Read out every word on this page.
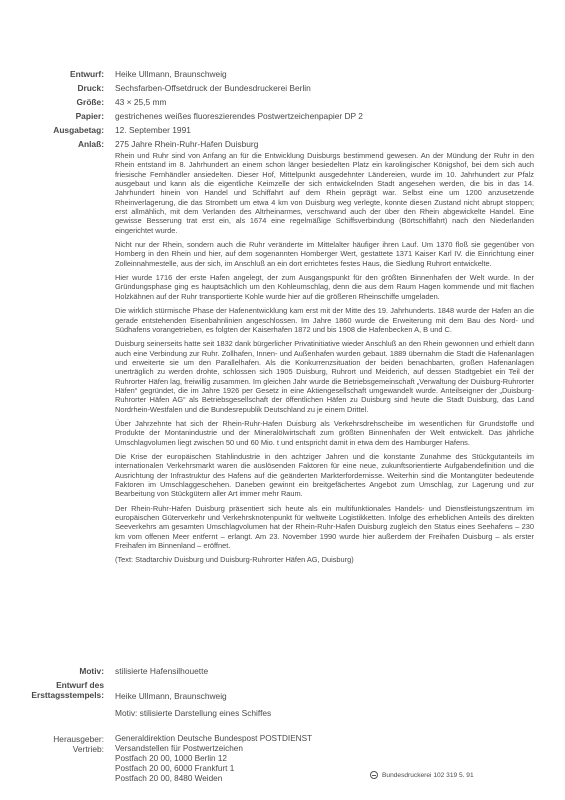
Entwurf: Heike Ullmann, Braunschweig
Druck: Sechsfarben-Offsetdruck der Bundesdruckerei Berlin
Größe: 43 × 25,5 mm
Papier: gestrichenes weißes fluoreszierendes Postwertzeichenpapier DP 2
Ausgabetag: 12. September 1991
Anlaß: 275 Jahre Rhein-Ruhr-Hafen Duisburg

Rhein und Ruhr sind von Anfang an für die Entwicklung Duisburgs bestimmend gewesen. An der Mündung der Ruhr in den Rhein entstand im 8. Jahrhundert an einem schon länger besiedelten Platz ein karolingischer Königshof, bei dem sich auch friesische Fernhändler ansiedelten. Dieser Hof, Mittelpunkt ausgedehnter Ländereien, wurde im 10. Jahrhundert zur Pfalz ausgebaut und kann als die eigentliche Keimzelle der sich entwickelnden Stadt angesehen werden, die bis in das 14. Jahrhundert hinein von Handel und Schiffahrt auf dem Rhein geprägt war. Selbst eine um 1200 anzusetzende Rheinverlagerung, die das Strombett um etwa 4 km von Duisburg weg verlegte, konnte diesen Zustand nicht abrupt stoppen; erst allmählich, mit dem Verlanden des Altrheinarmes, verschwand auch der über den Rhein abgewickelte Handel. Eine gewisse Besserung trat erst ein, als 1674 eine regelmäßige Schiffsverbindung (Börtschiffahrt) nach den Niederlanden eingerichtet wurde.

Nicht nur der Rhein, sondern auch die Ruhr veränderte im Mittelalter häufiger ihren Lauf. Um 1370 floß sie gegenüber von Homberg in den Rhein und hier, auf dem sogenannten Homberger Wert, gestattete 1371 Kaiser Karl IV. die Einrichtung einer Zolleinnahmestelle, aus der sich, im Anschluß an ein dort errichtetes festes Haus, die Siedlung Ruhrort entwickelte.

Hier wurde 1716 der erste Hafen angelegt, der zum Ausgangspunkt für den größten Binnenhafen der Welt wurde. In der Gründungsphase ging es hauptsächlich um den Kohleumschlag, denn die aus dem Raum Hagen kommende und mit flachen Holzkähnen auf der Ruhr transportierte Kohle wurde hier auf die größeren Rheinschiffe umgeladen.

Die wirklich stürmische Phase der Hafenentwicklung kam erst mit der Mitte des 19. Jahrhunderts. 1848 wurde der Hafen an die gerade entstehenden Eisenbahnlinien angeschlossen. Im Jahre 1860 wurde die Erweiterung mit dem Bau des Nord- und Südhafens vorangetrieben, es folgten der Kaiserhafen 1872 und bis 1908 die Hafenbecken A, B und C.

Duisburg seinerseits hatte seit 1832 dank bürgerlicher Privatinitiative wieder Anschluß an den Rhein gewonnen und erhielt dann auch eine Verbindung zur Ruhr. Zollhafen, Innen- und Außenhafen wurden gebaut. 1889 übernahm die Stadt die Hafenanlagen und erweiterte sie um den Parallelhafen. Als die Konkurrenzsituation der beiden benachbarten, großen Hafenanlagen unerträglich zu werden drohte, schlossen sich 1905 Duisburg, Ruhrort und Meiderich, auf dessen Stadtgebiet ein Teil der Ruhrorter Häfen lag, freiwillig zusammen. Im gleichen Jahr wurde die Betriebsgemeinschaft „Verwaltung der Duisburg-Ruhrorter Häfen“ gegründet, die im Jahre 1926 per Gesetz in eine Aktiengesellschaft umgewandelt wurde. Anteilseigner der „Duisburg-Ruhrorter Häfen AG“ als Betriebsgesellschaft der öffentlichen Häfen zu Duisburg sind heute die Stadt Duisburg, das Land Nordrhein-Westfalen und die Bundesrepublik Deutschland zu je einem Drittel.

Über Jahrzehnte hat sich der Rhein-Ruhr-Hafen Duisburg als Verkehrsdrehscheibe im wesentlichen für Grundstoffe und Produkte der Montanindustrie und der Mineralölwirtschaft zum größten Binnenhafen der Welt entwickelt. Das jährliche Umschlagvolumen liegt zwischen 50 und 60 Mio. t und entspricht damit in etwa dem des Hamburger Hafens.

Die Krise der europäischen Stahlindustrie in den achtziger Jahren und die konstante Zunahme des Stückgutanteils im internationalen Verkehrsmarkt waren die auslösenden Faktoren für eine neue, zukunftsorientierte Aufgabendefinition und die Ausrichtung der Infrastruktur des Hafens auf die geänderten Markterfordernisse. Weiterhin sind die Montangüter bedeutende Faktoren im Umschlaggeschehen. Daneben gewinnt ein breitgefächertes Angebot zum Umschlag, zur Lagerung und zur Bearbeitung von Stückgütern aller Art immer mehr Raum.

Der Rhein-Ruhr-Hafen Duisburg präsentiert sich heute als ein multifunktionales Handels- und Dienstleistungszentrum im europäischen Güterverkehr und Verkehrsknotenpunkt für weltweite Logistikketten. Infolge des erheblichen Anteils des direkten Seeverkehrs am gesamten Umschlagvolumen hat der Rhein-Ruhr-Hafen Duisburg zugleich den Status eines Seehafens – 230 km vom offenen Meer entfernt – erlangt. Am 23. November 1990 wurde hier außerdem der Freihafen Duisburg – als erster Freihafen im Binnenland – eröffnet.

(Text: Stadtarchiv Duisburg und Duisburg-Ruhrorter Häfen AG, Duisburg)

Motiv: stilisierte Hafensilhouette
Entwurf des
Ersttagsstempels: Heike Ullmann, Braunschweig
Motiv: stilisierte Darstellung eines Schiffes
Herausgeber:
Vertrieb:
Generaldirektion Deutsche Bundespost POSTDIENST
Versandstellen für Postwertzeichen
Postfach 20 00, 1000 Berlin 12
Postfach 20 00, 6000 Frankfurt 1
Postfach 20 00, 8480 Weiden	Bundesdruckerei 102 319 5. 91
